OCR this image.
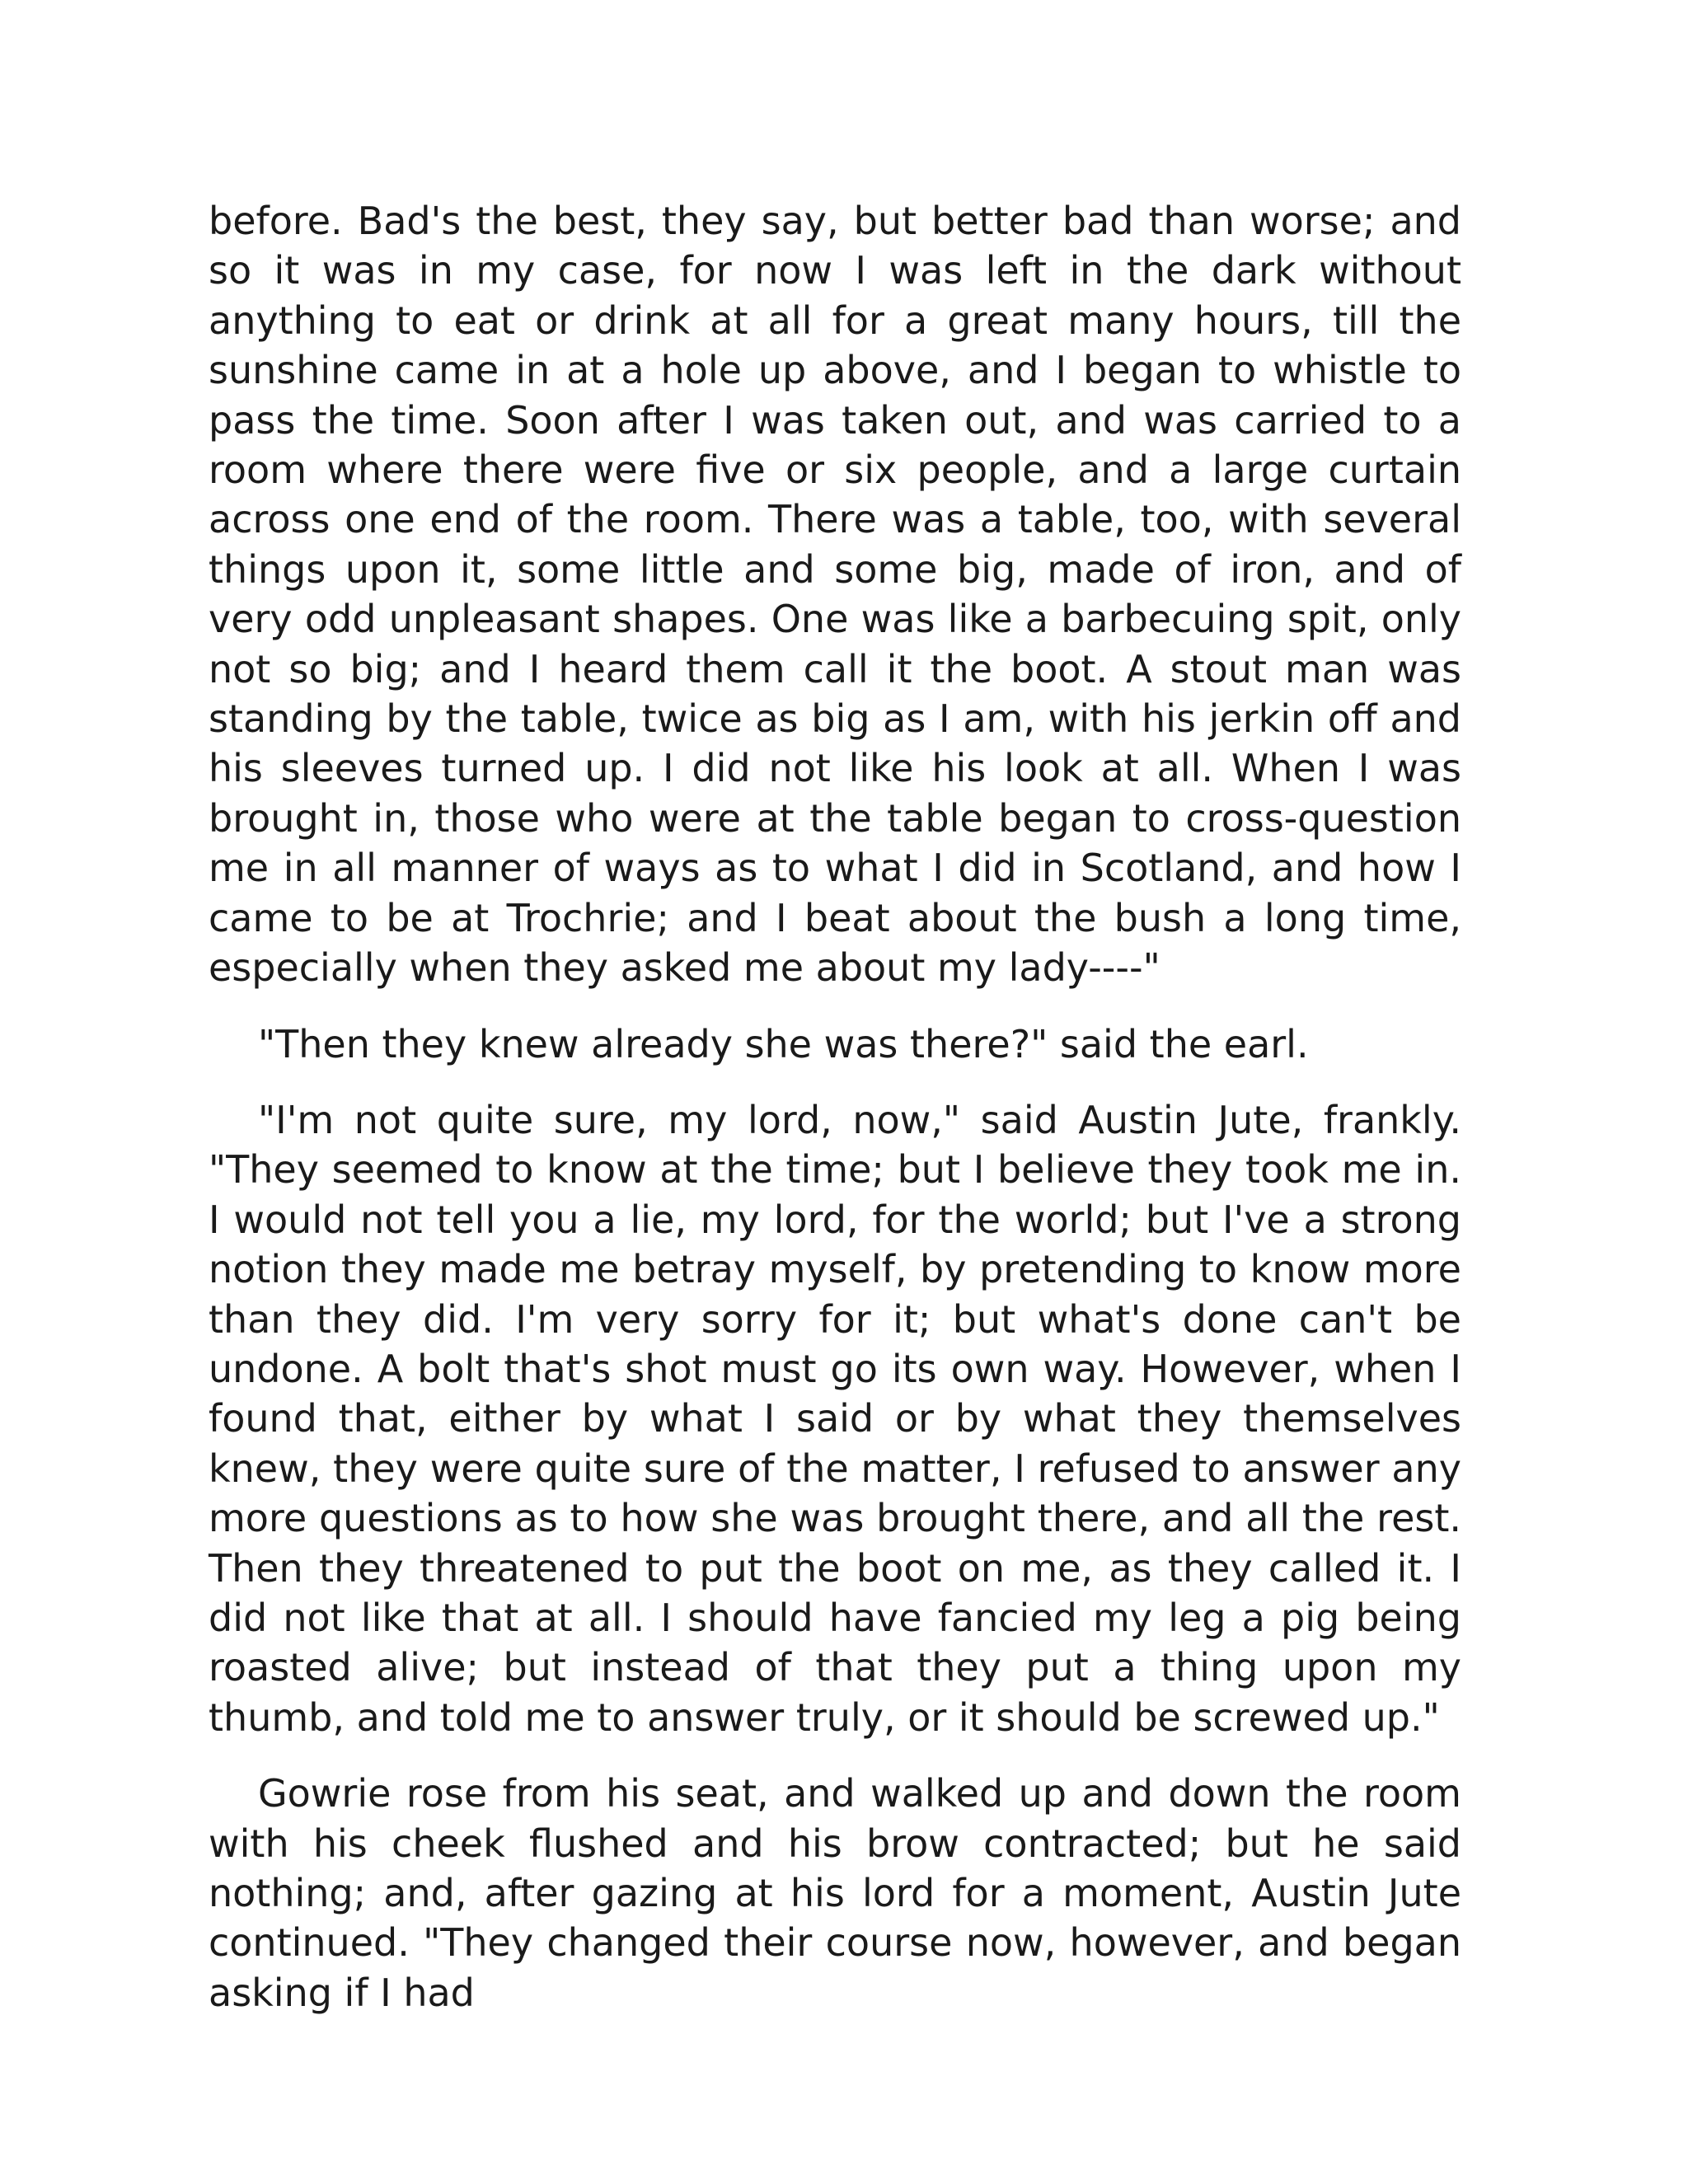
before. Bad's the best, they say, but better bad than worse; and so it was in my case, for now I was left in the dark without anything to eat or drink at all for a great many hours, till the sunshine came in at a hole up above, and I began to whistle to pass the time. Soon after I was taken out, and was carried to a room where there were five or six people, and a large curtain across one end of the room. There was a table, too, with several things upon it, some little and some big, made of iron, and of very odd unpleasant shapes. One was like a barbecuing spit, only not so big; and I heard them call it the boot. A stout man was standing by the table, twice as big as I am, with his jerkin off and his sleeves turned up. I did not like his look at all. When I was brought in, those who were at the table began to cross-question me in all manner of ways as to what I did in Scotland, and how I came to be at Trochrie; and I beat about the bush a long time, especially when they asked me about my lady----"

"Then they knew already she was there?" said the earl.

"I'm not quite sure, my lord, now," said Austin Jute, frankly. "They seemed to know at the time; but I believe they took me in. I would not tell you a lie, my lord, for the world; but I've a strong notion they made me betray myself, by pretending to know more than they did. I'm very sorry for it; but what's done can't be undone. A bolt that's shot must go its own way. However, when I found that, either by what I said or by what they themselves knew, they were quite sure of the matter, I refused to answer any more questions as to how she was brought there, and all the rest. Then they threatened to put the boot on me, as they called it. I did not like that at all. I should have fancied my leg a pig being roasted alive; but instead of that they put a thing upon my thumb, and told me to answer truly, or it should be screwed up."

Gowrie rose from his seat, and walked up and down the room with his cheek flushed and his brow contracted; but he said nothing; and, after gazing at his lord for a moment, Austin Jute continued. "They changed their course now, however, and began asking if I had
